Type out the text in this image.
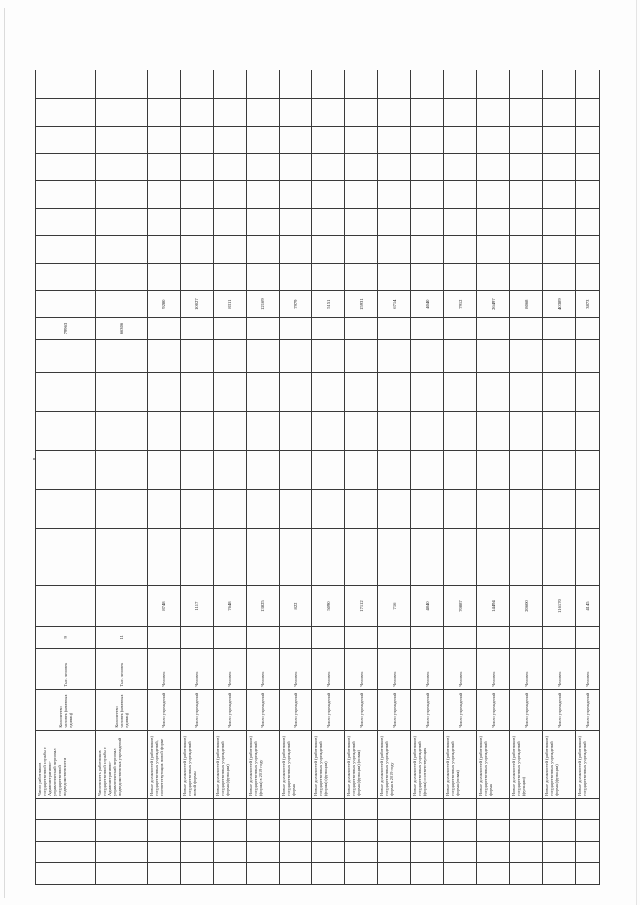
				Число работников государственной службы с Административно-управленческий персонал государственной подведомственности	Количество человек (штатных единиц)	Тыс. человек	9								79963									
				Численность работников государственной службы с Административно-управленческий персонал подведомственных учреждений	Количество человек (штатных единиц)	Тыс. человек	11								66306									
				Новые должностей (работников) государственных учреждений, соответствующих новой форме	Число учреждений	Человек		8748								9280								
				Новые должностей (работников) государственных учреждений новой формы	Число учреждений	Человек		1117								10027								
				Новые должностей (работников) государственных учреждений форма (функции)	Число учреждений	Человек		7648								8311								
				Новые должностей (работников) государственных учреждений (форма) в 2019 году	Число учреждений	Человек		13825								12169								
				Новые должностей (работников) государственных учреждений форма	Число учреждений	Человек		822								7979								
				Новые должностей (работников) государственных учреждений (форма) (функции)	Число учреждений	Человек		5090								5151								
				Новые должностей (работников) государственных учреждений форма (функции) (новая)	Число учреждений	Человек		17112								15931								
				Новые должностей (работников) государственных учреждений форма в 2019 году	Число учреждений	Человек		716								6714								
				Новые должностей (работников) государственных учреждений (форма) соответствующих	Число учреждений	Человек		4840								4040								
				Новые должностей (работников) государственных учреждений форма (новая)	Число учреждений	Человек		70887								7912								
				Новые должностей (работников) государственных учреждений форма	Число учреждений	Человек		14494								26497								
				Новые должностей (работников) государственных учреждений (функции)	Число учреждений	Человек		20600								8068								
				Новые должностей (работников) государственных учреждений форма (функции)	Число учреждений	Человек		116170								40389								
				Новые должностей (работников) государственных учреждений	Число учреждений	Человек		4145								3873								
